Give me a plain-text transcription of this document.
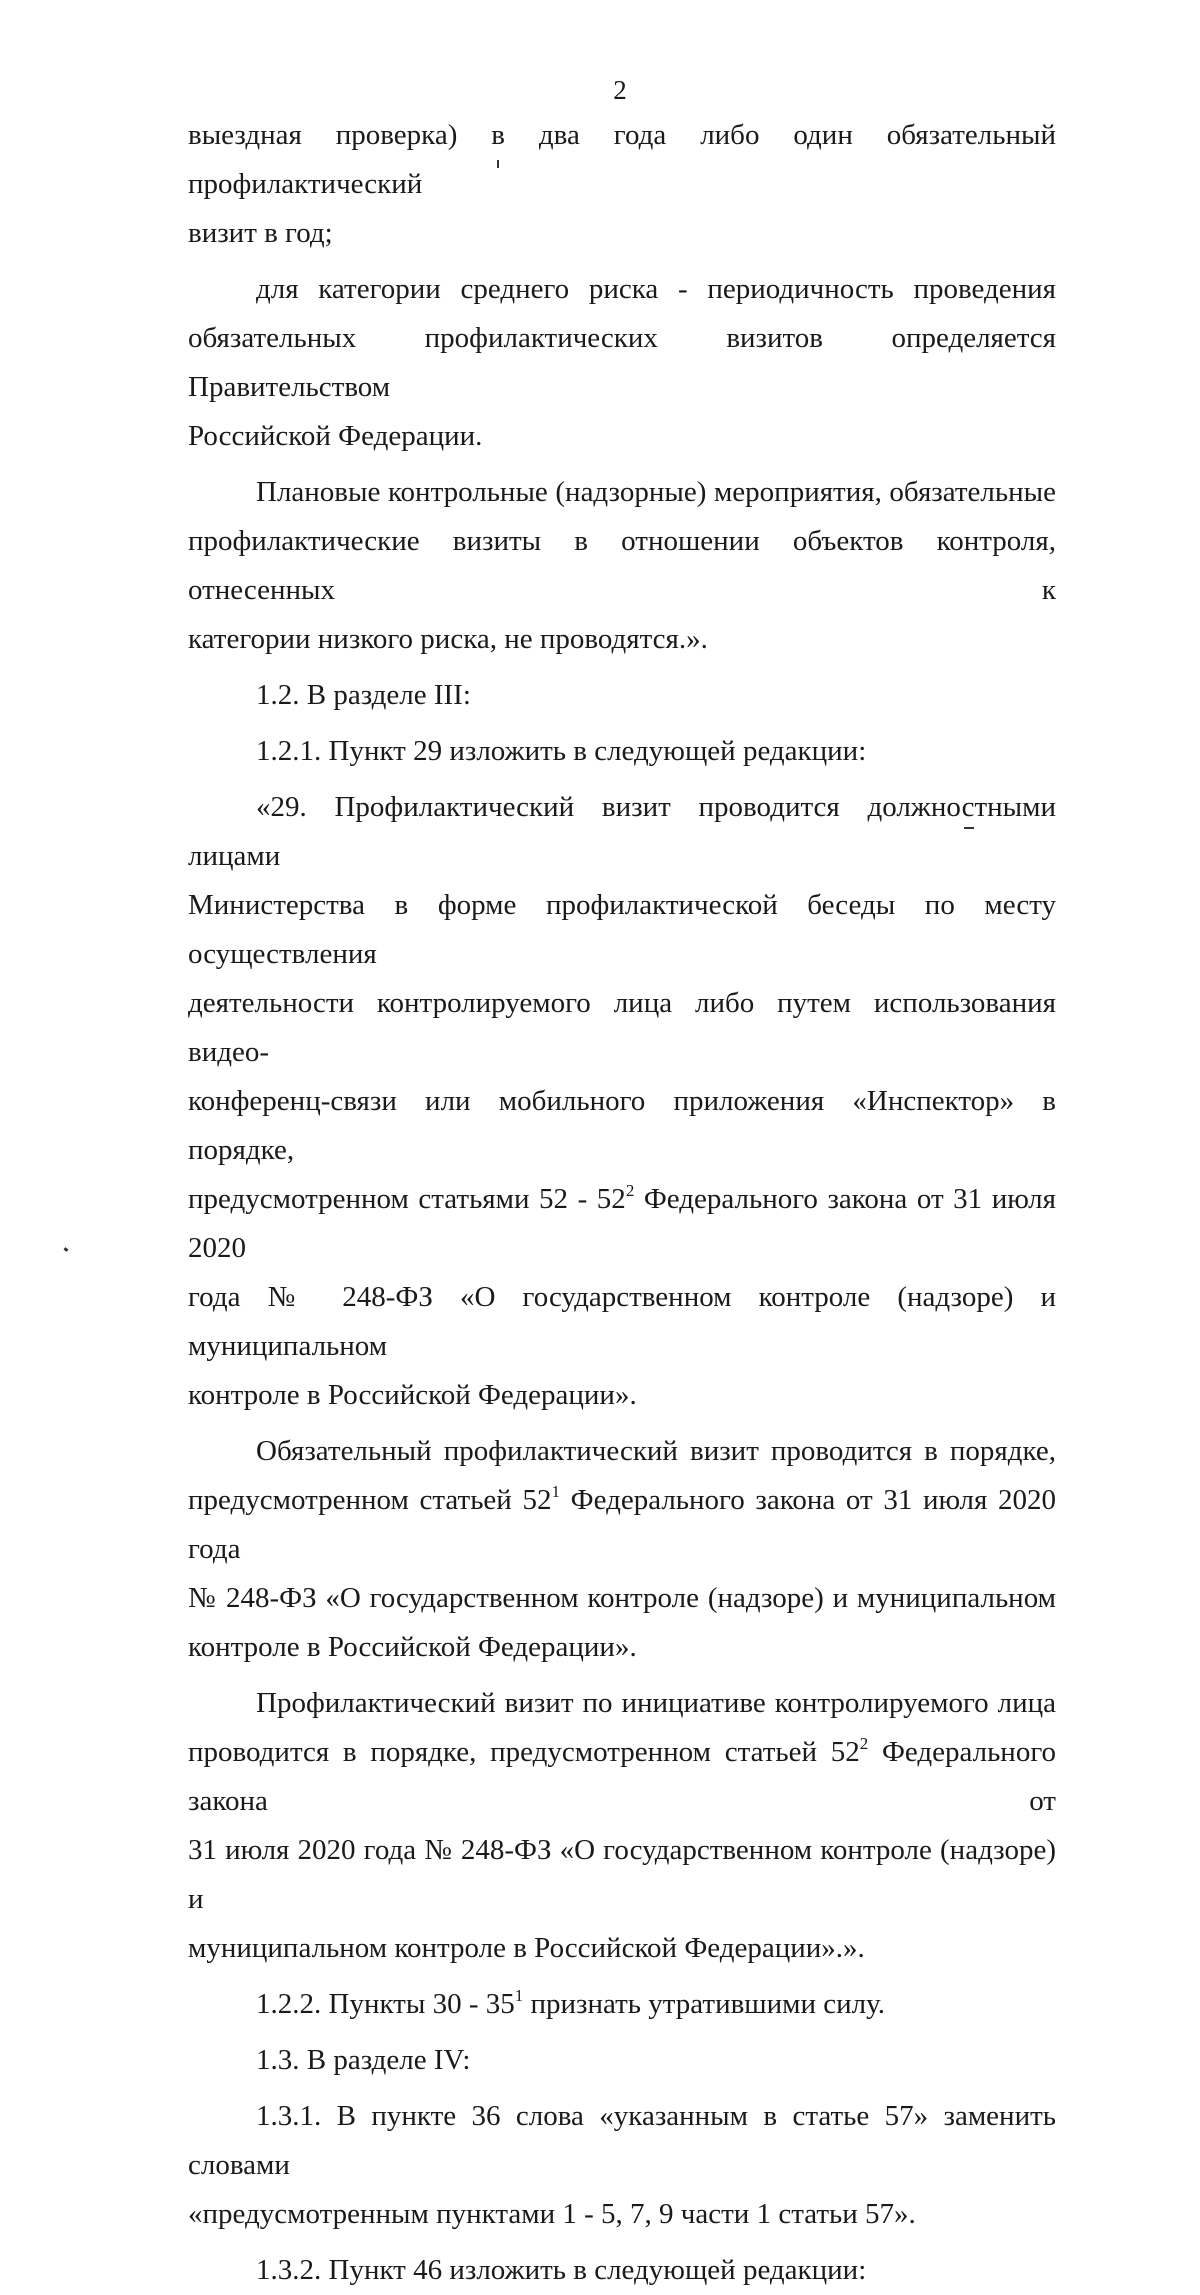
2

выездная проверка) в два года либо один обязательный профилактический

визит в год;

для категории среднего риска - периодичность проведения

обязательных профилактических визитов определяется Правительством

Российской Федерации.

Плановые контрольные (надзорные) мероприятия, обязательные

профилактические визиты в отношении объектов контроля, отнесенных к

категории низкого риска, не проводятся.».

1.2. В разделе III:

1.2.1. Пункт 29 изложить в следующей редакции:

«29. Профилактический визит проводится должностными лицами

Министерства в форме профилактической беседы по месту осуществления

деятельности контролируемого лица либо путем использования видео-

конференц-связи или мобильного приложения «Инспектор» в порядке,

предусмотренном статьями $52 - 52^2$ Федерального закона от 31 июля 2020

года № 248-ФЗ «О государственном контроле (надзоре) и муниципальном

контроле в Российской Федерации».

Обязательный профилактический визит проводится в порядке,

предусмотренном статьей $52^1$ Федерального закона от 31 июля 2020 года

№ 248-ФЗ «О государственном контроле (надзоре) и муниципальном

контроле в Российской Федерации».

Профилактический визит по инициативе контролируемого лица

проводится в порядке, предусмотренном статьей $52^2$ Федерального закона от

31 июля 2020 года № 248-ФЗ «О государственном контроле (надзоре) и

муниципальном контроле в Российской Федерации».».

1.2.2. Пункты $30 - 35^1$ признать утратившими силу.

1.3. В разделе IV:

1.3.1. В пункте 36 слова «указанным в статье 57» заменить словами

«предусмотренным пунктами 1 - 5, 7, 9 части 1 статьи 57».

1.3.2. Пункт 46 изложить в следующей редакции:
